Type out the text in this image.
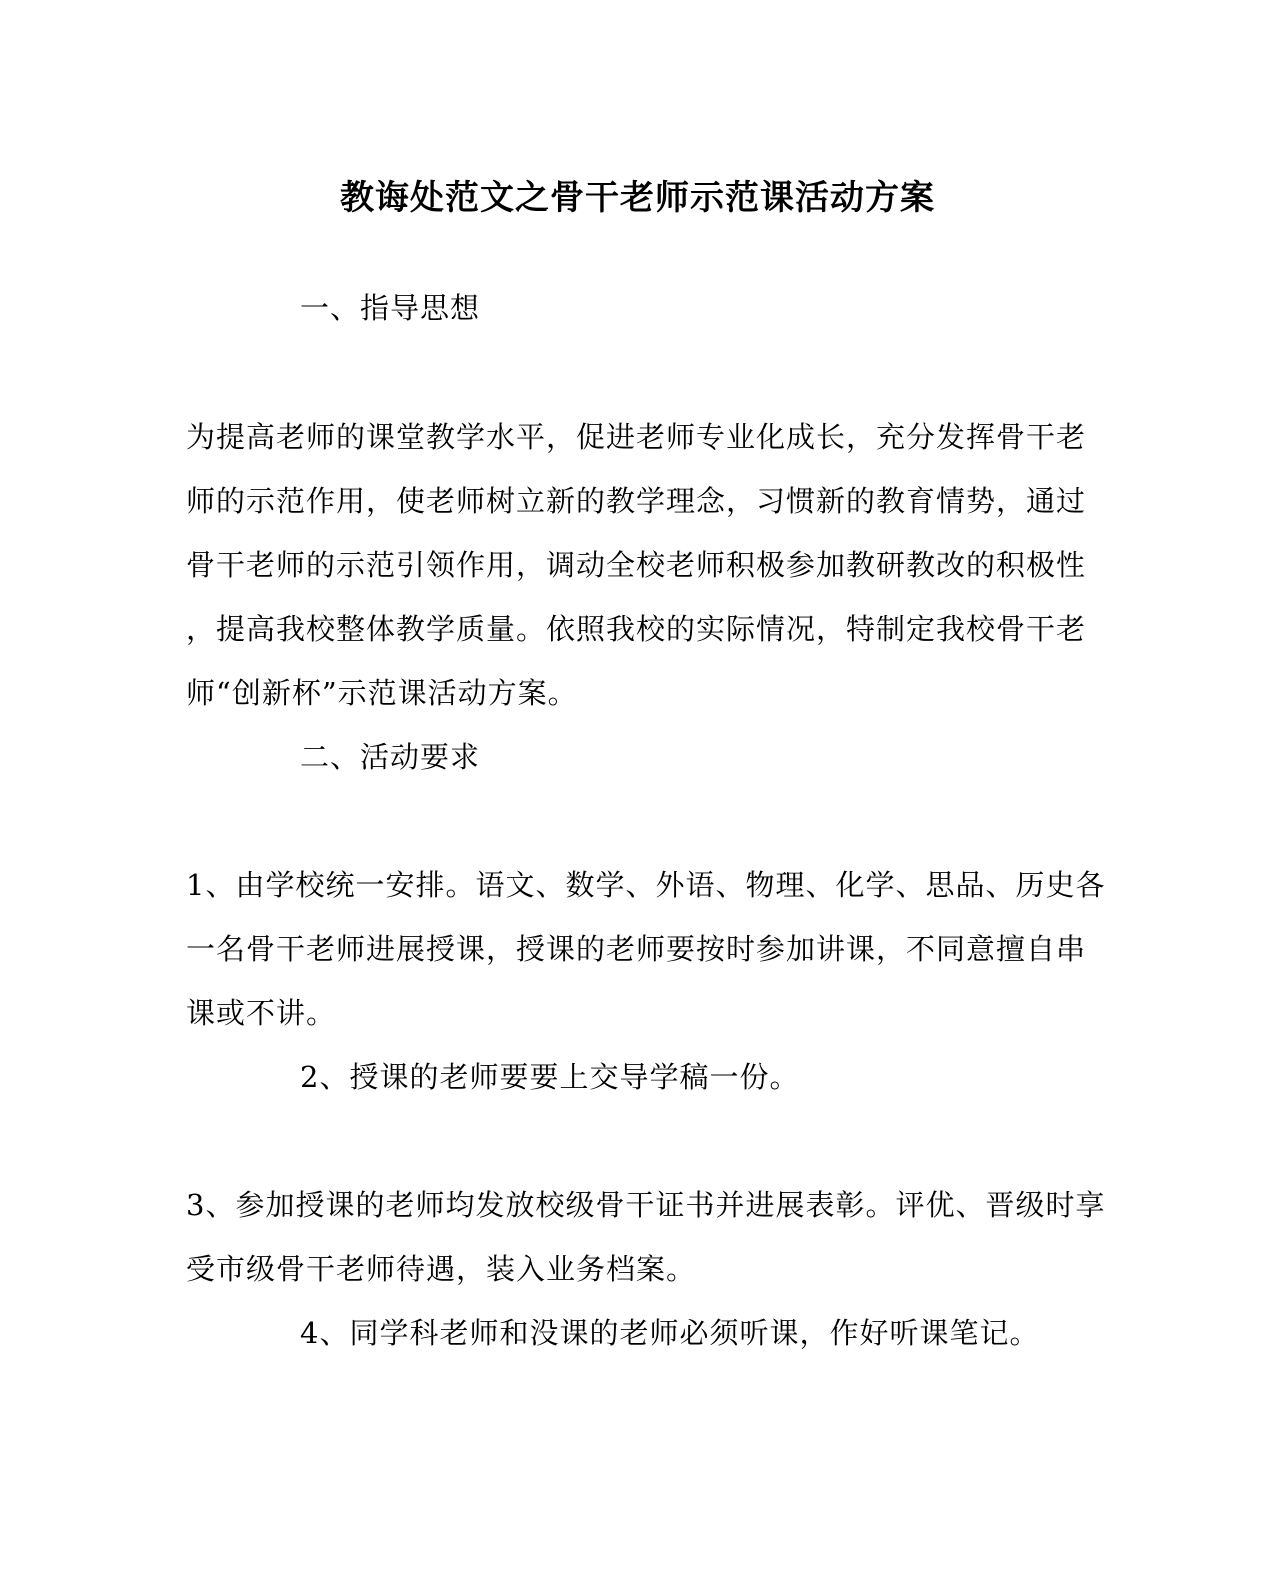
教诲处范文之骨干老师示范课活动方案
一、指导思想
为提高老师的课堂教学水平，促进老师专业化成长，充分发挥骨干老
师的示范作用，使老师树立新的教学理念，习惯新的教育情势，通过
骨干老师的示范引领作用，调动全校老师积极参加教研教改的积极性
，提高我校整体教学质量。依照我校的实际情况，特制定我校骨干老
师“创新杯”示范课活动方案。
二、活动要求
1、由学校统一安排。语文、数学、外语、物理、化学、思品、历史各
一名骨干老师进展授课，授课的老师要按时参加讲课，不同意擅自串
课或不讲。
2、授课的老师要要上交导学稿一份。
3、参加授课的老师均发放校级骨干证书并进展表彰。评优、晋级时享
受市级骨干老师待遇，装入业务档案。
4、同学科老师和没课的老师必须听课，作好听课笔记。
